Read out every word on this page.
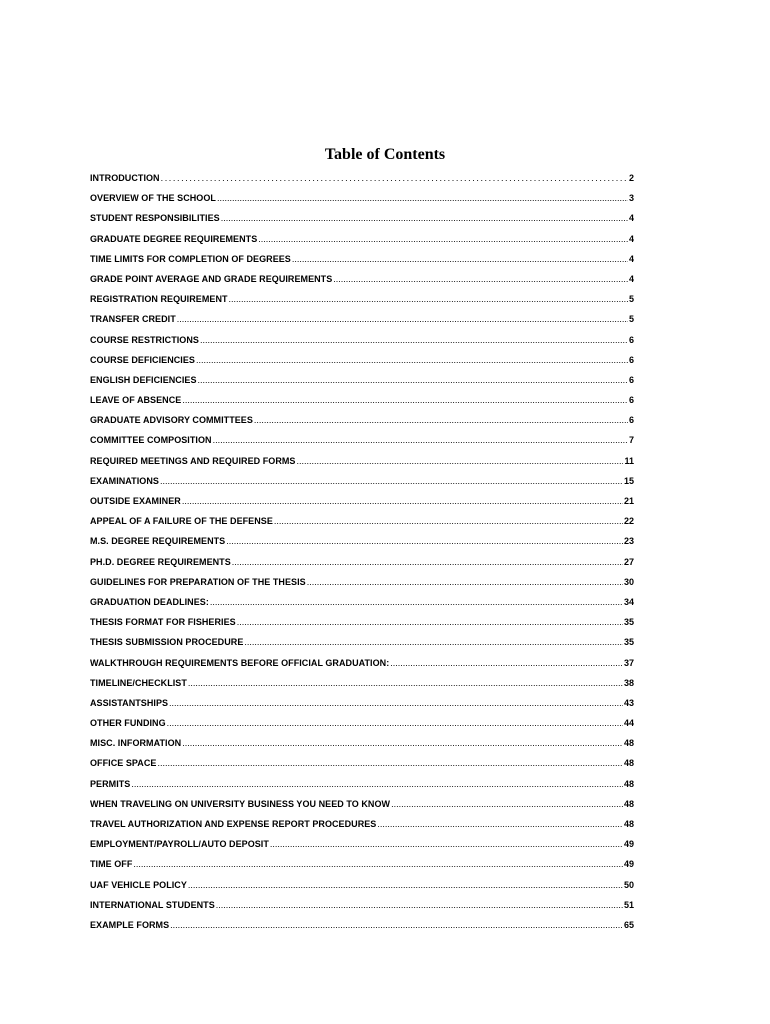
Table of Contents
INTRODUCTION .....	2
OVERVIEW OF THE SCHOOL .....	3
STUDENT RESPONSIBILITIES .....	4
GRADUATE DEGREE REQUIREMENTS .....	4
TIME LIMITS FOR COMPLETION OF DEGREES .....	4
GRADE POINT AVERAGE AND GRADE REQUIREMENTS .....	4
REGISTRATION REQUIREMENT .....	5
TRANSFER CREDIT .....	5
COURSE RESTRICTIONS .....	6
COURSE DEFICIENCIES .....	6
ENGLISH DEFICIENCIES .....	6
LEAVE OF ABSENCE .....	6
GRADUATE ADVISORY COMMITTEES .....	6
COMMITTEE COMPOSITION .....	7
REQUIRED MEETINGS AND REQUIRED FORMS .....	11
EXAMINATIONS .....	15
OUTSIDE EXAMINER .....	21
APPEAL OF A FAILURE OF THE DEFENSE .....	22
M.S. DEGREE REQUIREMENTS .....	23
PH.D. DEGREE REQUIREMENTS .....	27
GUIDELINES FOR PREPARATION OF THE THESIS .....	30
GRADUATION DEADLINES: .....	34
THESIS FORMAT FOR FISHERIES .....	35
THESIS SUBMISSION PROCEDURE .....	35
WALKTHROUGH REQUIREMENTS BEFORE OFFICIAL GRADUATION: .....	37
TIMELINE/CHECKLIST .....	38
ASSISTANTSHIPS .....	43
OTHER FUNDING .....	44
MISC. INFORMATION .....	48
OFFICE SPACE .....	48
PERMITS .....	48
WHEN TRAVELING ON UNIVERSITY BUSINESS YOU NEED TO KNOW .....	48
TRAVEL AUTHORIZATION AND EXPENSE REPORT PROCEDURES .....	48
EMPLOYMENT/PAYROLL/AUTO DEPOSIT .....	49
TIME OFF .....	49
UAF VEHICLE POLICY .....	50
INTERNATIONAL STUDENTS .....	51
EXAMPLE FORMS .....	65
